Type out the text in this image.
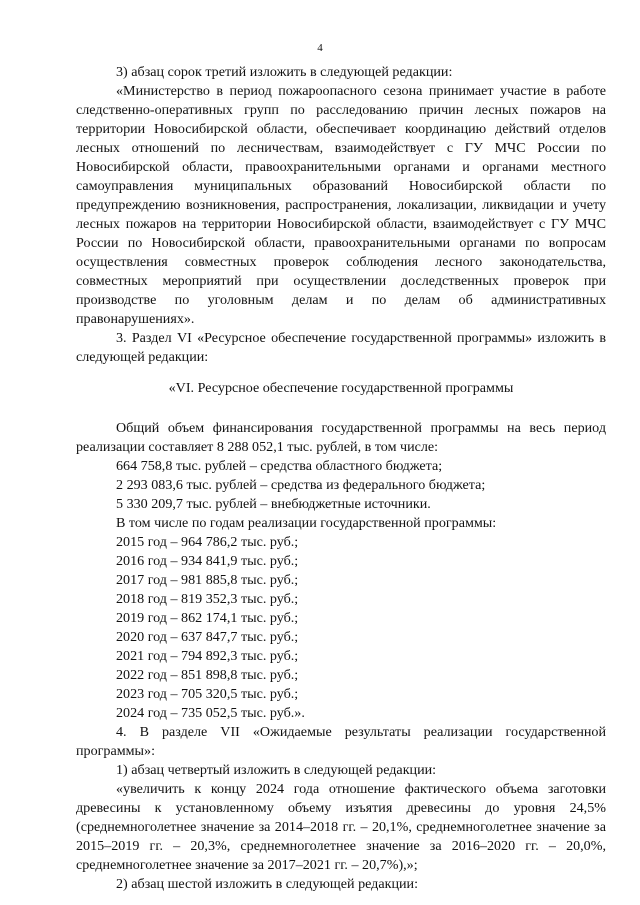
4

3) абзац сорок третий изложить в следующей редакции:

«Министерство в период пожароопасного сезона принимает участие в работе следственно-оперативных групп по расследованию причин лесных пожаров на территории Новосибирской области, обеспечивает координацию действий отделов лесных отношений по лесничествам, взаимодействует с ГУ МЧС России по Новосибирской области, правоохранительными органами и органами местного самоуправления муниципальных образований Новосибирской области по предупреждению возникновения, распространения, локализации, ликвидации и учету лесных пожаров на территории Новосибирской области, взаимодействует с ГУ МЧС России по Новосибирской области, правоохранительными органами по вопросам осуществления совместных проверок соблюдения лесного законодательства, совместных мероприятий при осуществлении доследственных проверок при производстве по уголовным делам и по делам об административных правонарушениях».

3. Раздел VI «Ресурсное обеспечение государственной программы» изложить в следующей редакции:

«VI. Ресурсное обеспечение государственной программы

Общий объем финансирования государственной программы на весь период реализации составляет 8 288 052,1 тыс. рублей, в том числе:

664 758,8 тыс. рублей – средства областного бюджета;

2 293 083,6 тыс. рублей – средства из федерального бюджета;

5 330 209,7 тыс. рублей – внебюджетные источники.

В том числе по годам реализации государственной программы:

2015 год – 964 786,2 тыс. руб.;

2016 год – 934 841,9 тыс. руб.;

2017 год – 981 885,8 тыс. руб.;

2018 год – 819 352,3 тыс. руб.;

2019 год – 862 174,1 тыс. руб.;

2020 год – 637 847,7 тыс. руб.;

2021 год – 794 892,3 тыс. руб.;

2022 год – 851 898,8 тыс. руб.;

2023 год – 705 320,5 тыс. руб.;

2024 год – 735 052,5 тыс. руб.».

4. В разделе VII «Ожидаемые результаты реализации государственной программы»:

1) абзац четвертый изложить в следующей редакции:

«увеличить к концу 2024 года отношение фактического объема заготовки древесины к установленному объему изъятия древесины до уровня 24,5% (среднемноголетнее значение за 2014–2018 гг. – 20,1%, среднемноголетнее значение за 2015–2019 гг. – 20,3%, среднемноголетнее значение за 2016–2020 гг. – 20,0%, среднемноголетнее значение за 2017–2021 гг. – 20,7%),»;

2) абзац шестой изложить в следующей редакции:
